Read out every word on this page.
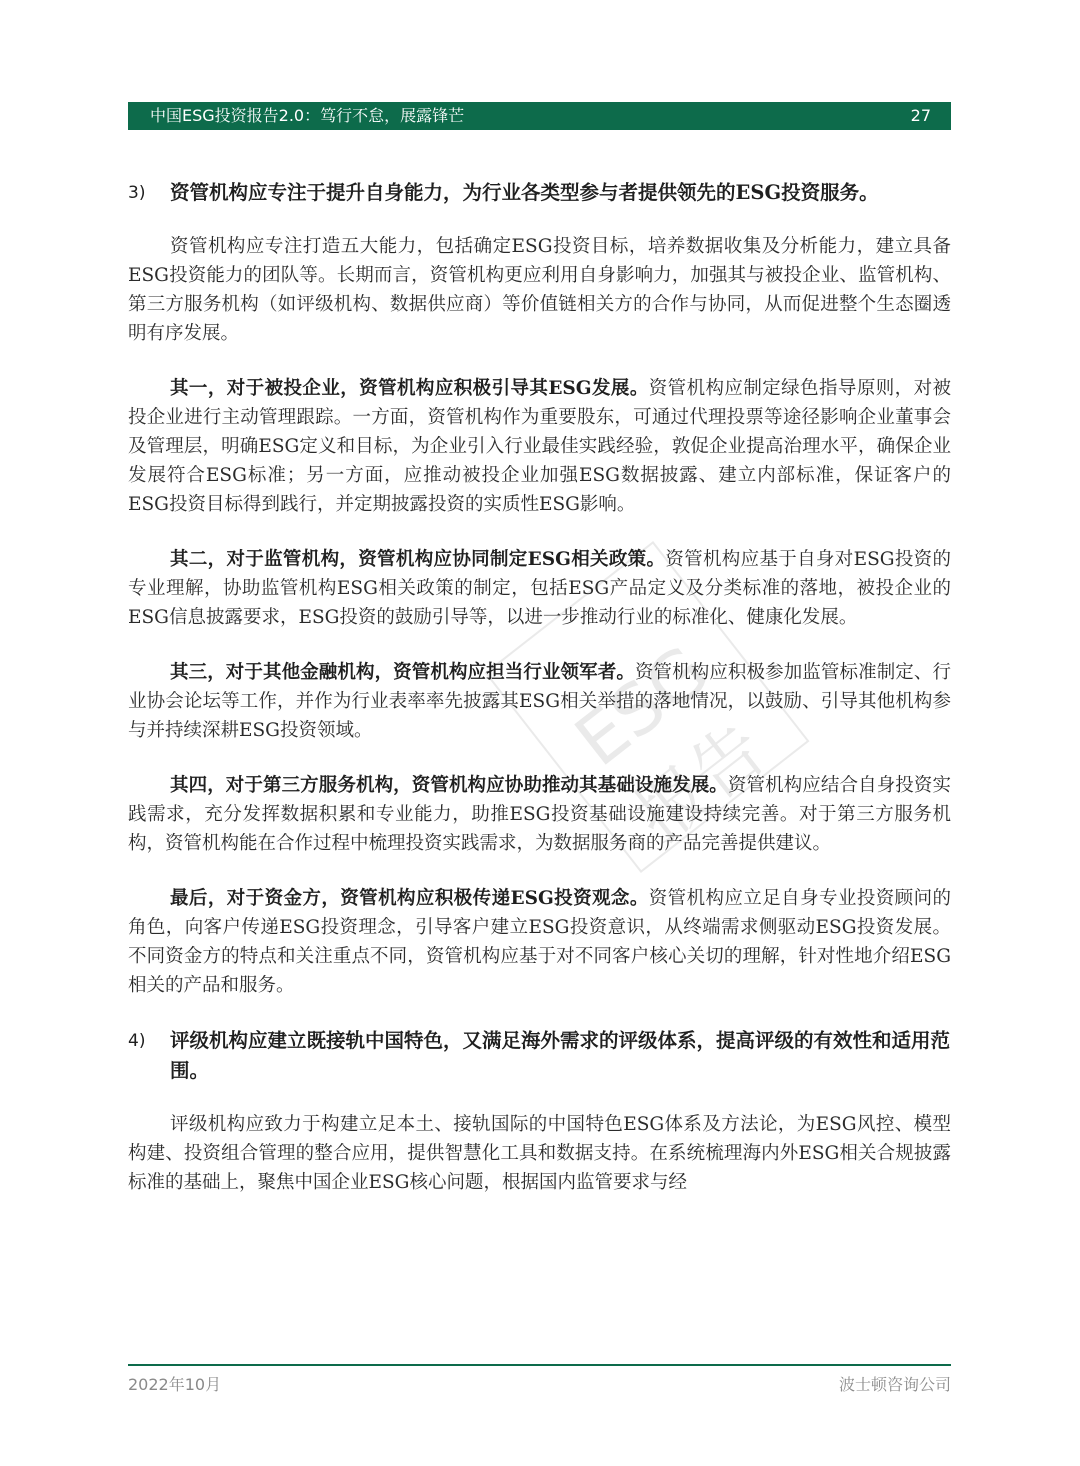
中国ESG投资报告2.0：笃行不怠，展露锋芒	27
ESG报告
3)	资管机构应专注于提升自身能力，为行业各类型参与者提供领先的ESG投资服务。

资管机构应专注打造五大能力，包括确定ESG投资目标，培养数据收集及分析能力，建立具备ESG投资能力的团队等。长期而言，资管机构更应利用自身影响力，加强其与被投企业、监管机构、第三方服务机构（如评级机构、数据供应商）等价值链相关方的合作与协同，从而促进整个生态圈透明有序发展。

其一，对于被投企业，资管机构应积极引导其ESG发展。资管机构应制定绿色指导原则，对被投企业进行主动管理跟踪。一方面，资管机构作为重要股东，可通过代理投票等途径影响企业董事会及管理层，明确ESG定义和目标，为企业引入行业最佳实践经验，敦促企业提高治理水平，确保企业发展符合ESG标准；另一方面，应推动被投企业加强ESG数据披露、建立内部标准，保证客户的ESG投资目标得到践行，并定期披露投资的实质性ESG影响。

其二，对于监管机构，资管机构应协同制定ESG相关政策。资管机构应基于自身对ESG投资的专业理解，协助监管机构ESG相关政策的制定，包括ESG产品定义及分类标准的落地，被投企业的ESG信息披露要求，ESG投资的鼓励引导等，以进一步推动行业的标准化、健康化发展。

其三，对于其他金融机构，资管机构应担当行业领军者。资管机构应积极参加监管标准制定、行业协会论坛等工作，并作为行业表率率先披露其ESG相关举措的落地情况，以鼓励、引导其他机构参与并持续深耕ESG投资领域。

其四，对于第三方服务机构，资管机构应协助推动其基础设施发展。资管机构应结合自身投资实践需求，充分发挥数据积累和专业能力，助推ESG投资基础设施建设持续完善。对于第三方服务机构，资管机构能在合作过程中梳理投资实践需求，为数据服务商的产品完善提供建议。

最后，对于资金方，资管机构应积极传递ESG投资观念。资管机构应立足自身专业投资顾问的角色，向客户传递ESG投资理念，引导客户建立ESG投资意识，从终端需求侧驱动ESG投资发展。不同资金方的特点和关注重点不同，资管机构应基于对不同客户核心关切的理解，针对性地介绍ESG相关的产品和服务。

4)	评级机构应建立既接轨中国特色，又满足海外需求的评级体系，提高评级的有效性和适用范围。

评级机构应致力于构建立足本土、接轨国际的中国特色ESG体系及方法论，为ESG风控、模型构建、投资组合管理的整合应用，提供智慧化工具和数据支持。在系统梳理海内外ESG相关合规披露标准的基础上，聚焦中国企业ESG核心问题，根据国内监管要求与经

2022年10月	波士顿咨询公司
